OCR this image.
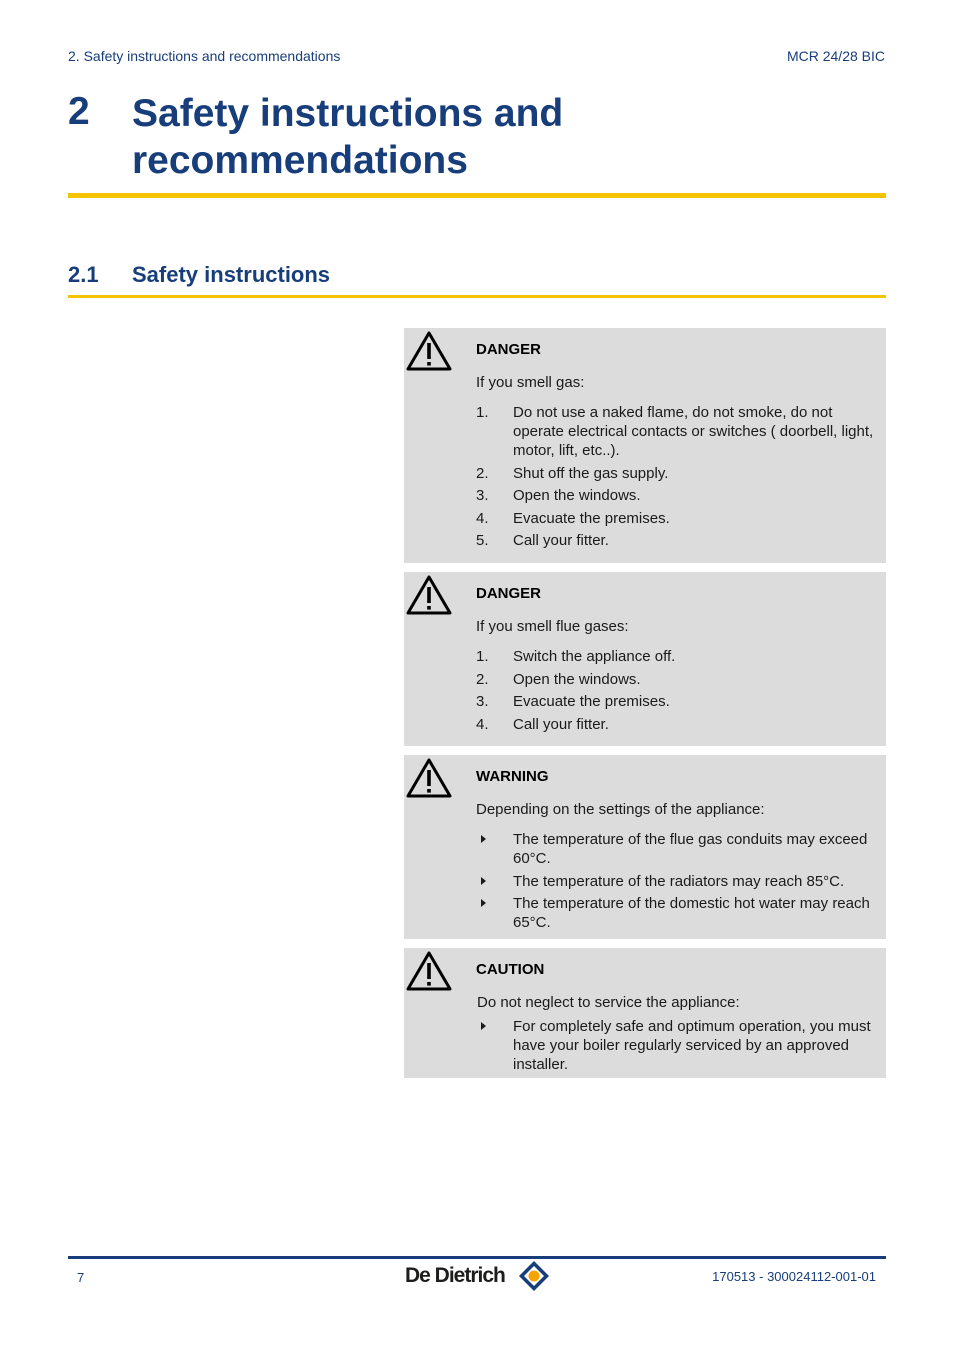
2. Safety instructions and recommendations	MCR 24/28 BIC
2 Safety instructions and recommendations
2.1 Safety instructions
DANGER
If you smell gas:
1. Do not use a naked flame, do not smoke, do not operate electrical contacts or switches ( doorbell, light, motor, lift, etc..).
2. Shut off the gas supply.
3. Open the windows.
4. Evacuate the premises.
5. Call your fitter.
DANGER
If you smell flue gases:
1. Switch the appliance off.
2. Open the windows.
3. Evacuate the premises.
4. Call your fitter.
WARNING
Depending on the settings of the appliance:
The temperature of the flue gas conduits may exceed 60°C.
The temperature of the radiators may reach 85°C.
The temperature of the domestic hot water may reach 65°C.
CAUTION
Do not neglect to service the appliance:
For completely safe and optimum operation, you must have your boiler regularly serviced by an approved installer.
7	De Dietrich	170513 - 300024112-001-01
